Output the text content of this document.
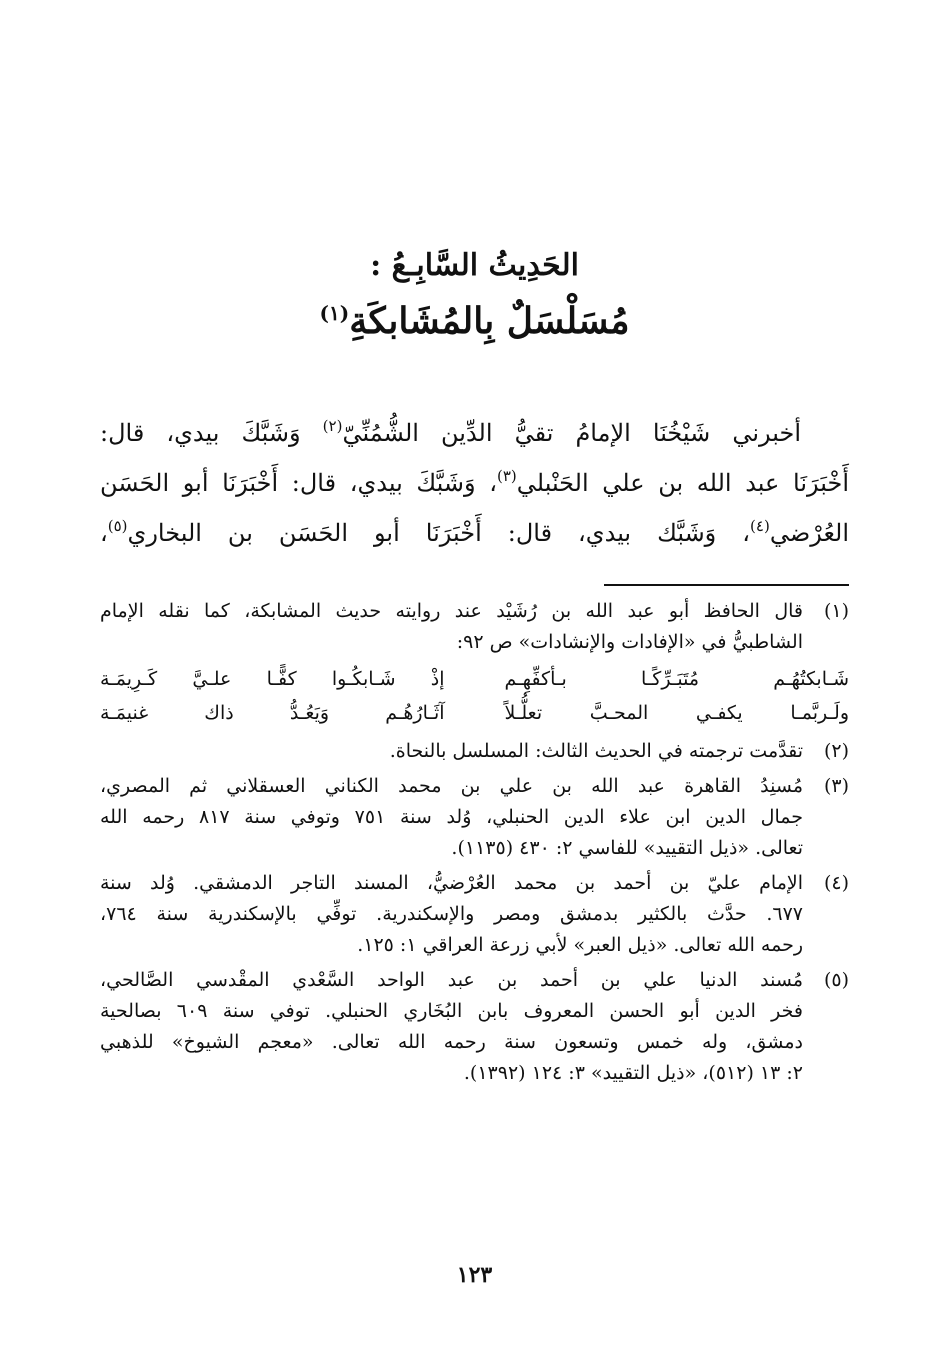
الحَدِيثُ السَّابِـعُ :
مُسَلْسَلٌ بِالمُشَابكَةِ$^{(١)}$
أخبرني شَيْخُنَا الإمامُ تقيُّ الدِّين الشُّمُنِّيّ$^{(٢)}$ وَشَبَّكَ بيدي، قال:
أَخْبَرَنَا عبد الله بن علي الحَنْبلي$^{(٣)}$، وَشَبَّكَ بيدي، قال: أَخْبَرَنَا أبو الحَسَن
العُرْضي$^{(٤)}$، وَشَبَّك بيدي، قال: أَخْبَرَنَا أبو الحَسَن بن البخاري$^{(٥)}$،
(١)
قال الحافظ أبو عبد الله بن رُشَيْد عند روايته حديث المشابكة، كما نقله الإمام
الشاطبيُّ في «الإفادات والإنشادات» ص ٩٢:
شَـابكتُهُـم مُتَبَـرِّكًـا بـأكفِّهِـم
إذْ شَـابكُـوا كفًّـا علـيَّ كَـرِيمَـة
ولَـربَّمـا يكفـي المحـبَّ تعلُّـلاً
آثَـارُهُـم وَيَعُـدُّ ذاك غنيمَـة
(٢)
تقدَّمت ترجمته في الحديث الثالث: المسلسل بالنحاة.
(٣)
مُسنِدُ القاهرة عبد الله بن علي بن محمد الكناني العسقلاني ثم المصري،
جمال الدين ابن علاء الدين الحنبلي، وُلد سنة ٧٥١ وتوفي سنة ٨١٧ رحمه الله
تعالى. «ذيل التقييد» للفاسي ٢: ٤٣٠ (١١٣٥).
(٤)
الإمام عليّ بن أحمد بن محمد العُرْضيُّ، المسند التاجر الدمشقي. وُلد سنة
٦٧٧. حدَّث بالكثير بدمشق ومصر والإسكندرية. توفِّي بالإسكندرية سنة ٧٦٤،
رحمه الله تعالى. «ذيل العبر» لأبي زرعة العراقي ١: ١٢٥.
(٥)
مُسند الدنيا علي بن أحمد بن عبد الواحد السَّعْدي المقْدسي الصَّالحي،
فخر الدين أبو الحسن المعروف بابن البُخَاري الحنبلي. توفي سنة ٦٠٩ بصالحية
دمشق، وله خمس وتسعون سنة رحمه الله تعالى. «معجم الشيوخ» للذهبي
٢: ١٣ (٥١٢)، «ذيل التقييد» ٣: ١٢٤ (١٣٩٢).
١٢٣
